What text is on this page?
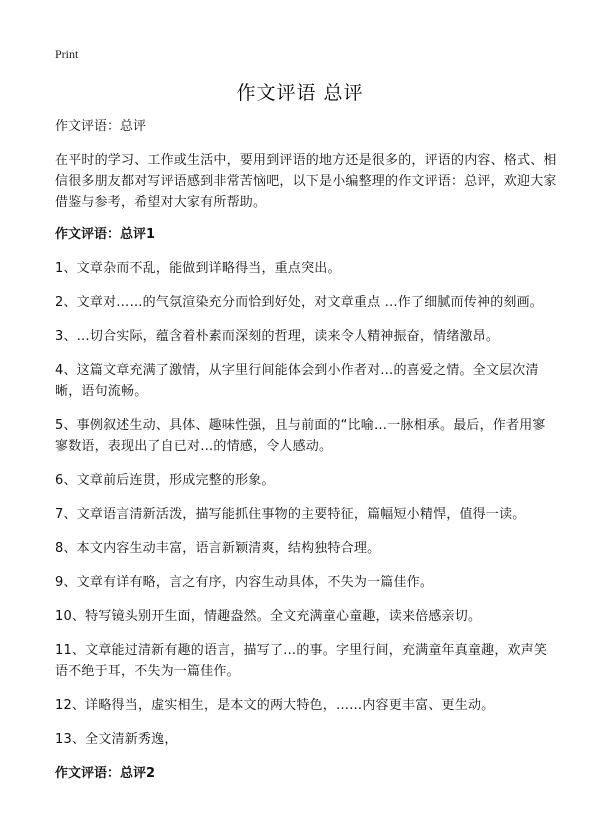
Print
作文评语 总评
作文评语：总评
在平时的学习、工作或生活中，要用到评语的地方还是很多的，评语的内容、格式、相信很多朋友都对写评语感到非常苦恼吧，以下是小编整理的作文评语：总评，欢迎大家借鉴与参考，希望对大家有所帮助。
作文评语：总评1
1、文章杂而不乱，能做到详略得当，重点突出。
2、文章对……的气氛渲染充分而恰到好处，对文章重点 …作了细腻而传神的刻画。
3、…切合实际，蕴含着朴素而深刻的哲理，读来令人精神振奋，情绪激昂。
4、这篇文章充满了激情，从字里行间能体会到小作者对…的喜爱之情。全文层次清晰，语句流畅。
5、事例叙述生动、具体、趣味性强，且与前面的“比喻…一脉相承。最后，作者用寥寥数语，表现出了自已对…的情感，令人感动。
6、文章前后连贯，形成完整的形象。
7、文章语言清新活泼，描写能抓住事物的主要特征，篇幅短小精悍，值得一读。
8、本文内容生动丰富，语言新颖清爽，结构独特合理。
9、文章有详有略，言之有序，内容生动具体，不失为一篇佳作。
10、特写镜头别开生面，情趣盎然。全文充满童心童趣，读来倍感亲切。
11、文章能过清新有趣的语言，描写了…的事。字里行间，充满童年真童趣，欢声笑语不绝于耳，不失为一篇佳作。
12、详略得当，虚实相生，是本文的两大特色，……内容更丰富、更生动。
13、全文清新秀逸，
作文评语：总评2
